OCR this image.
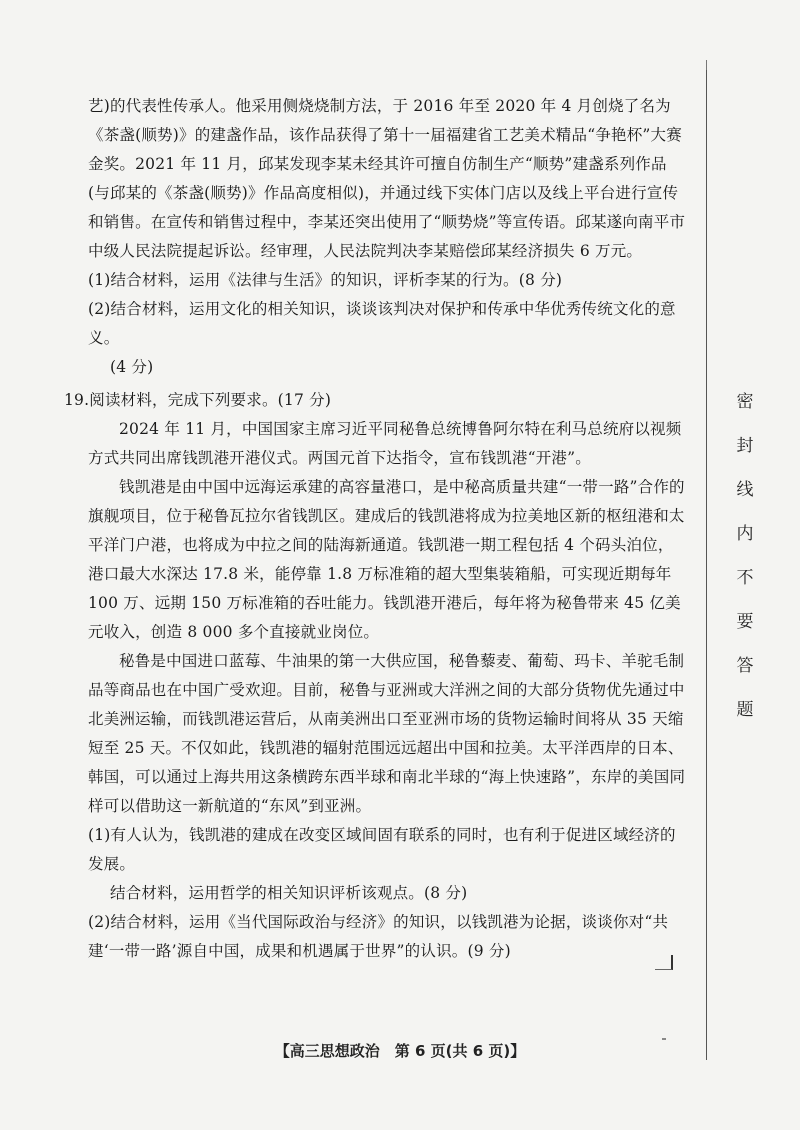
密
封
线
内
不
要
答
题

艺)的代表性传承人。他采用侧烧烧制方法，于 2016 年至 2020 年 4 月创烧了名为《茶盏(顺势)》的建盏作品，该作品获得了第十一届福建省工艺美术精品“争艳杯”大赛金奖。2021 年 11 月，邱某发现李某未经其许可擅自仿制生产“顺势”建盏系列作品(与邱某的《茶盏(顺势)》作品高度相似)，并通过线下实体门店以及线上平台进行宣传和销售。在宣传和销售过程中，李某还突出使用了“顺势烧”等宣传语。邱某遂向南平市中级人民法院提起诉讼。经审理，人民法院判决李某赔偿邱某经济损失 6 万元。

(1)结合材料，运用《法律与生活》的知识，评析李某的行为。(8 分)

(2)结合材料，运用文化的相关知识，谈谈该判决对保护和传承中华优秀传统文化的意义。

(4 分)

19.阅读材料，完成下列要求。(17 分)

2024 年 11 月，中国国家主席习近平同秘鲁总统博鲁阿尔特在利马总统府以视频方式共同出席钱凯港开港仪式。两国元首下达指令，宣布钱凯港“开港”。

钱凯港是由中国中远海运承建的高容量港口，是中秘高质量共建“一带一路”合作的旗舰项目，位于秘鲁瓦拉尔省钱凯区。建成后的钱凯港将成为拉美地区新的枢纽港和太平洋门户港，也将成为中拉之间的陆海新通道。钱凯港一期工程包括 4 个码头泊位，港口最大水深达 17.8 米，能停靠 1.8 万标准箱的超大型集装箱船，可实现近期每年 100 万、远期 150 万标准箱的吞吐能力。钱凯港开港后，每年将为秘鲁带来 45 亿美元收入，创造 8 000 多个直接就业岗位。

秘鲁是中国进口蓝莓、牛油果的第一大供应国，秘鲁藜麦、葡萄、玛卡、羊驼毛制品等商品也在中国广受欢迎。目前，秘鲁与亚洲或大洋洲之间的大部分货物优先通过中北美洲运输，而钱凯港运营后，从南美洲出口至亚洲市场的货物运输时间将从 35 天缩短至 25 天。不仅如此，钱凯港的辐射范围远远超出中国和拉美。太平洋西岸的日本、韩国，可以通过上海共用这条横跨东西半球和南北半球的“海上快速路”，东岸的美国同样可以借助这一新航道的“东风”到亚洲。

(1)有人认为，钱凯港的建成在改变区域间固有联系的同时，也有利于促进区域经济的发展。

结合材料，运用哲学的相关知识评析该观点。(8 分)

(2)结合材料，运用《当代国际政治与经济》的知识，以钱凯港为论据，谈谈你对“共建‘一带一路’源自中国，成果和机遇属于世界”的认识。(9 分)

【高三思想政治　第 6 页(共 6 页)】
